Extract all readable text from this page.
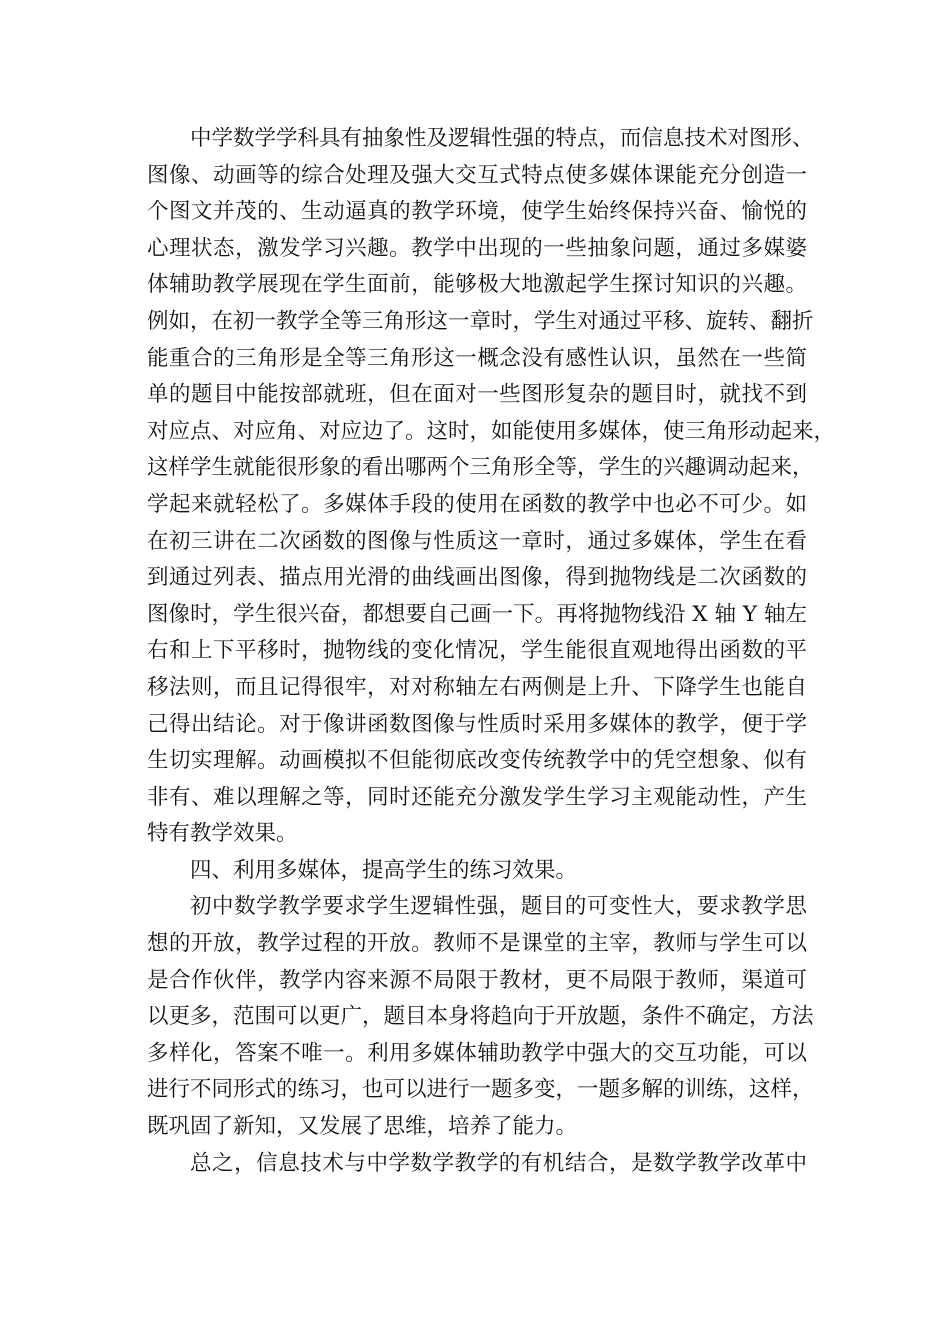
中学数学学科具有抽象性及逻辑性强的特点，而信息技术对图形、
图像、动画等的综合处理及强大交互式特点使多媒体课能充分创造一
个图文并茂的、生动逼真的教学环境，使学生始终保持兴奋、愉悦的
心理状态，激发学习兴趣。教学中出现的一些抽象问题，通过多媒婆
体辅助教学展现在学生面前，能够极大地激起学生探讨知识的兴趣。
例如，在初一教学全等三角形这一章时，学生对通过平移、旋转、翻折
能重合的三角形是全等三角形这一概念没有感性认识，虽然在一些简
单的题目中能按部就班，但在面对一些图形复杂的题目时，就找不到
对应点、对应角、对应边了。这时，如能使用多媒体，使三角形动起来，
这样学生就能很形象的看出哪两个三角形全等，学生的兴趣调动起来，
学起来就轻松了。多媒体手段的使用在函数的教学中也必不可少。如
在初三讲在二次函数的图像与性质这一章时，通过多媒体，学生在看
到通过列表、描点用光滑的曲线画出图像，得到抛物线是二次函数的
图像时，学生很兴奋，都想要自己画一下。再将抛物线沿 X 轴 Y 轴左
右和上下平移时，抛物线的变化情况，学生能很直观地得出函数的平
移法则，而且记得很牢，对对称轴左右两侧是上升、下降学生也能自
己得出结论。对于像讲函数图像与性质时采用多媒体的教学，便于学
生切实理解。动画模拟不但能彻底改变传统教学中的凭空想象、似有
非有、难以理解之等，同时还能充分激发学生学习主观能动性，产生
特有教学效果。
四、利用多媒体，提高学生的练习效果。
初中数学教学要求学生逻辑性强，题目的可变性大，要求教学思
想的开放，教学过程的开放。教师不是课堂的主宰，教师与学生可以
是合作伙伴，教学内容来源不局限于教材，更不局限于教师，渠道可
以更多，范围可以更广，题目本身将趋向于开放题，条件不确定，方法
多样化，答案不唯一。利用多媒体辅助教学中强大的交互功能，可以
进行不同形式的练习，也可以进行一题多变，一题多解的训练，这样，
既巩固了新知，又发展了思维，培养了能力。
总之，信息技术与中学数学教学的有机结合，是数学教学改革中
